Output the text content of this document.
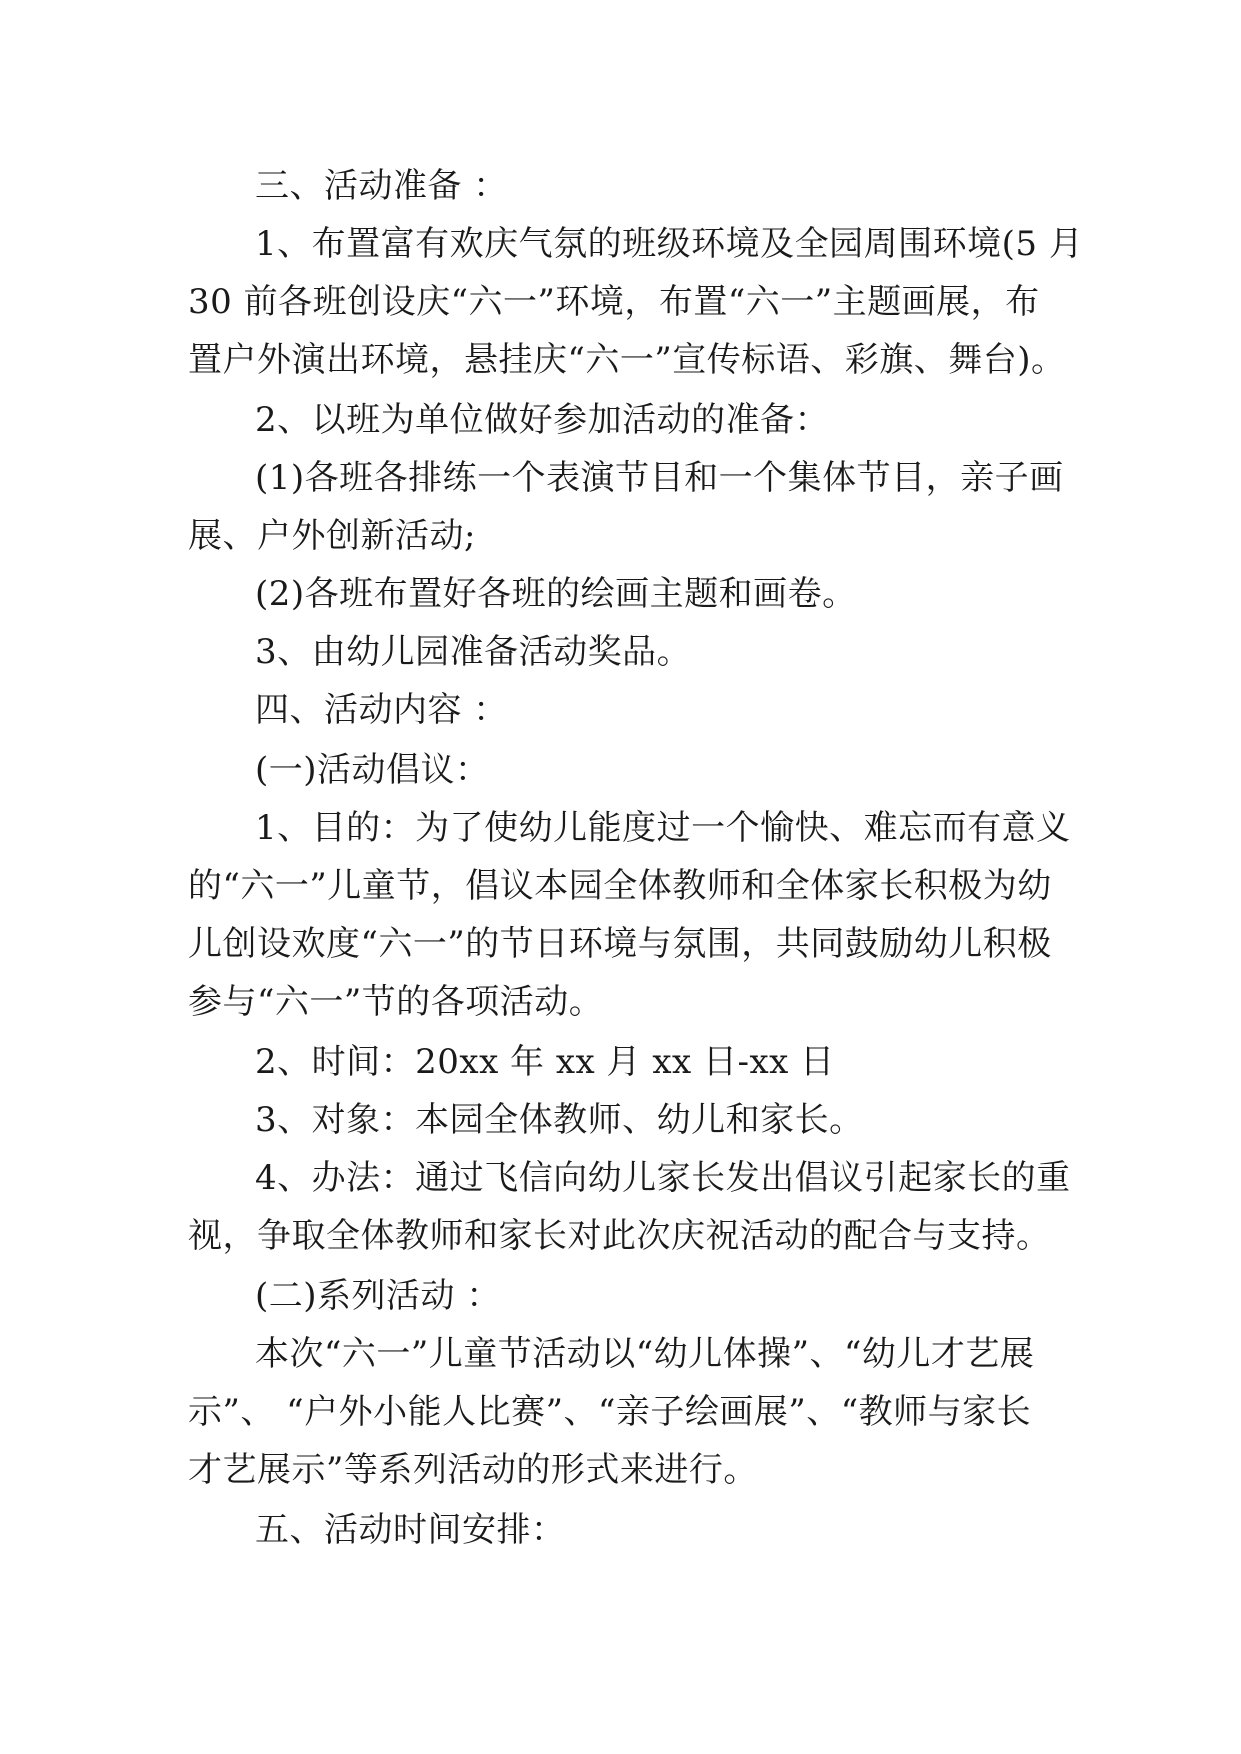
三、活动准备 ：
1、布置富有欢庆气氛的班级环境及全园周围环境(5 月
30 前各班创设庆“六一”环境，布置“六一”主题画展，布
置户外演出环境，悬挂庆“六一”宣传标语、彩旗、舞台)。
2、以班为单位做好参加活动的准备：
(1)各班各排练一个表演节目和一个集体节目，亲子画
展、户外创新活动;
(2)各班布置好各班的绘画主题和画卷。
3、由幼儿园准备活动奖品。
四、活动内容 ：
(一)活动倡议：
1、目的：为了使幼儿能度过一个愉快、难忘而有意义
的“六一”儿童节，倡议本园全体教师和全体家长积极为幼
儿创设欢度“六一”的节日环境与氛围，共同鼓励幼儿积极
参与“六一”节的各项活动。
2、时间：20xx 年 xx 月 xx 日-xx 日
3、对象：本园全体教师、幼儿和家长。
4、办法：通过飞信向幼儿家长发出倡议引起家长的重
视，争取全体教师和家长对此次庆祝活动的配合与支持。
(二)系列活动 ：
本次“六一”儿童节活动以“幼儿体操”、“幼儿才艺展
示”、 “户外小能人比赛”、“亲子绘画展”、“教师与家长
才艺展示”等系列活动的形式来进行。
五、活动时间安排：
